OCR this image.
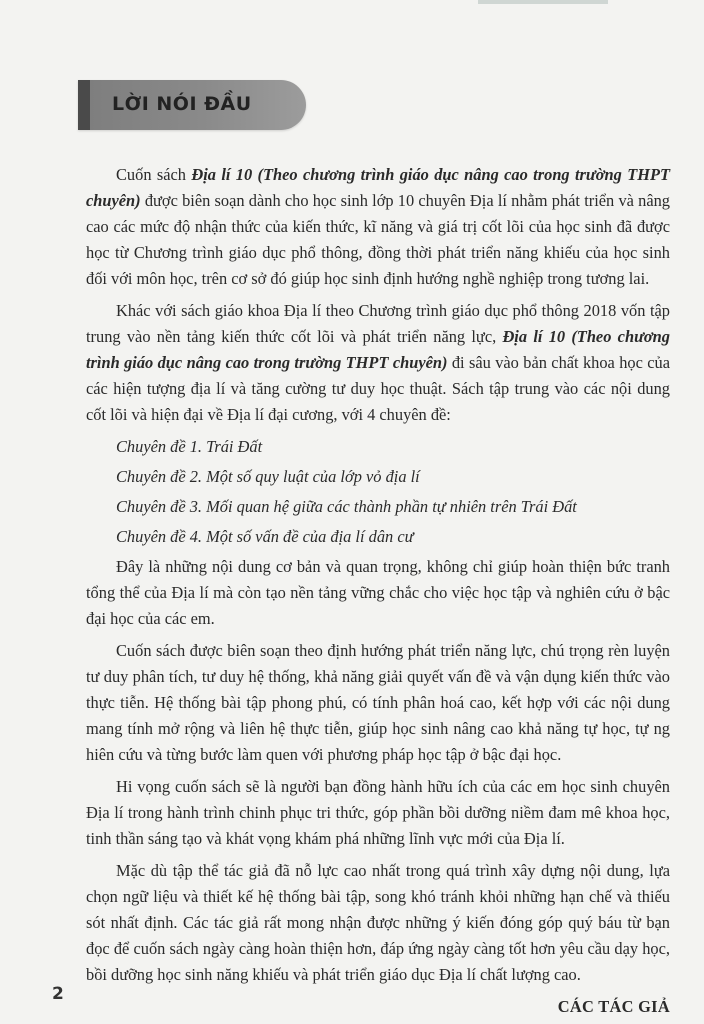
LỜI NÓI ĐẦU

Cuốn sách Địa lí 10 (Theo chương trình giáo dục nâng cao trong trường THPT chuyên) được biên soạn dành cho học sinh lớp 10 chuyên Địa lí nhằm phát triển và nâng cao các mức độ nhận thức của kiến thức, kĩ năng và giá trị cốt lõi của học sinh đã được học từ Chương trình giáo dục phổ thông, đồng thời phát triển năng khiếu của học sinh đối với môn học, trên cơ sở đó giúp học sinh định hướng nghề nghiệp trong tương lai.

Khác với sách giáo khoa Địa lí theo Chương trình giáo dục phổ thông 2018 vốn tập trung vào nền tảng kiến thức cốt lõi và phát triển năng lực, Địa lí 10 (Theo chương trình giáo dục nâng cao trong trường THPT chuyên) đi sâu vào bản chất khoa học của các hiện tượng địa lí và tăng cường tư duy học thuật. Sách tập trung vào các nội dung cốt lõi và hiện đại về Địa lí đại cương, với 4 chuyên đề:

Chuyên đề 1. Trái Đất

Chuyên đề 2. Một số quy luật của lớp vỏ địa lí

Chuyên đề 3. Mối quan hệ giữa các thành phần tự nhiên trên Trái Đất

Chuyên đề 4. Một số vấn đề của địa lí dân cư

Đây là những nội dung cơ bản và quan trọng, không chỉ giúp hoàn thiện bức tranh tổng thể của Địa lí mà còn tạo nền tảng vững chắc cho việc học tập và nghiên cứu ở bậc đại học của các em.

Cuốn sách được biên soạn theo định hướng phát triển năng lực, chú trọng rèn luyện tư duy phân tích, tư duy hệ thống, khả năng giải quyết vấn đề và vận dụng kiến thức vào thực tiễn. Hệ thống bài tập phong phú, có tính phân hoá cao, kết hợp với các nội dung mang tính mở rộng và liên hệ thực tiễn, giúp học sinh nâng cao khả năng tự học, tự ng hiên cứu và từng bước làm quen với phương pháp học tập ở bậc đại học.

Hi vọng cuốn sách sẽ là người bạn đồng hành hữu ích của các em học sinh chuyên Địa lí trong hành trình chinh phục tri thức, góp phần bồi dưỡng niềm đam mê khoa học, tinh thần sáng tạo và khát vọng khám phá những lĩnh vực mới của Địa lí.

Mặc dù tập thể tác giả đã nỗ lực cao nhất trong quá trình xây dựng nội dung, lựa chọn ngữ liệu và thiết kế hệ thống bài tập, song khó tránh khỏi những hạn chế và thiếu sót nhất định. Các tác giả rất mong nhận được những ý kiến đóng góp quý báu từ bạn đọc để cuốn sách ngày càng hoàn thiện hơn, đáp ứng ngày càng tốt hơn yêu cầu dạy học, bồi dưỡng học sinh năng khiếu và phát triển giáo dục Địa lí chất lượng cao.

CÁC TÁC GIẢ
2
